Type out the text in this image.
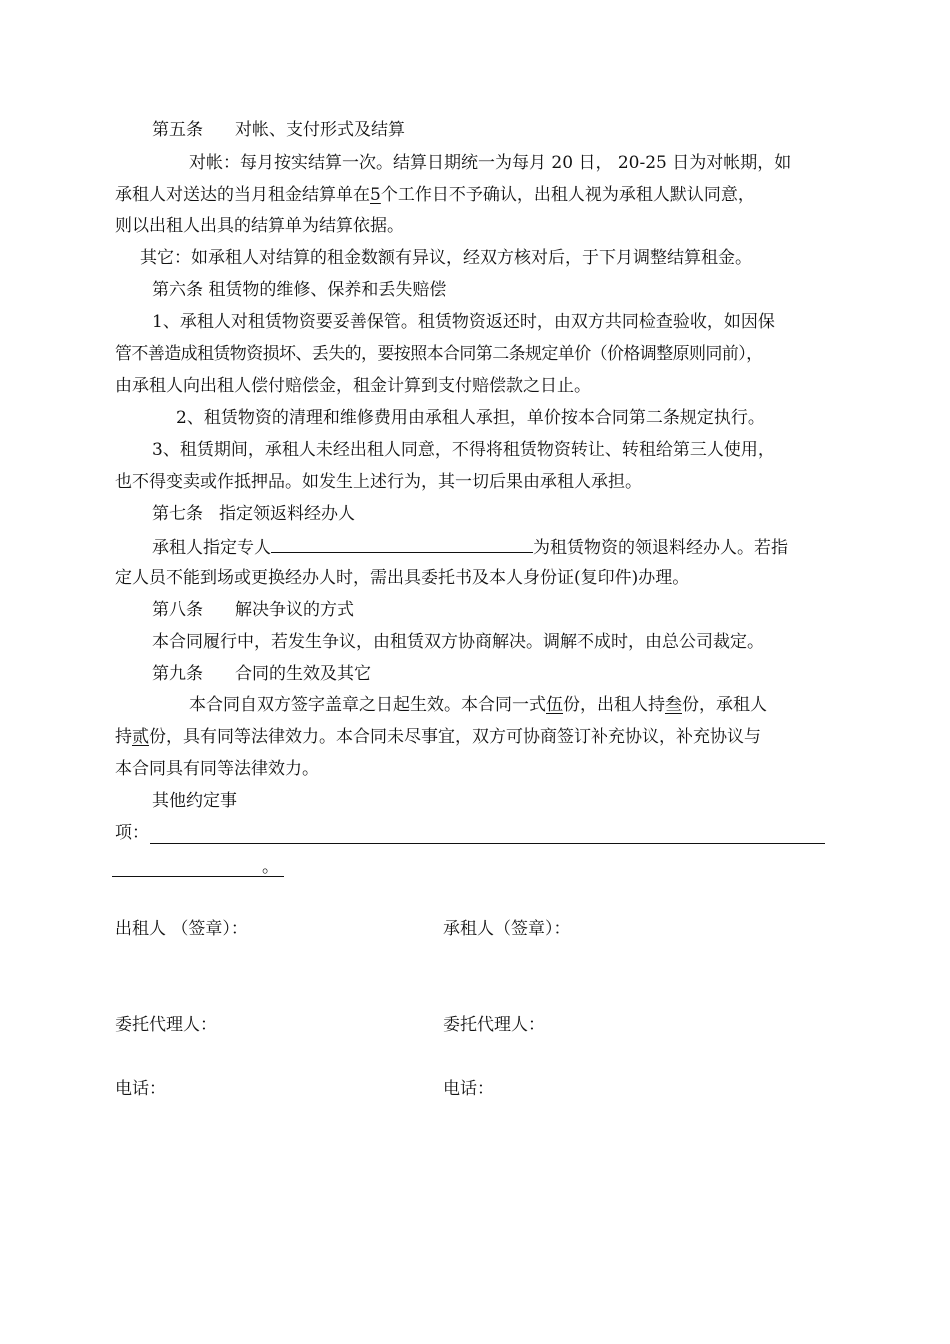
第五条 对帐、支付形式及结算
对帐：每月按实结算一次。结算日期统一为每月 20 日， 20-25 日为对帐期，如
承租人对送达的当月租金结算单在5个工作日不予确认，出租人视为承租人默认同意，
则以出租人出具的结算单为结算依据。
其它：如承租人对结算的租金数额有异议，经双方核对后，于下月调整结算租金。
第六条 租赁物的维修、保养和丢失赔偿
1、承租人对租赁物资要妥善保管。租赁物资返还时，由双方共同检查验收，如因保
管不善造成租赁物资损坏、丢失的，要按照本合同第二条规定单价（价格调整原则同前），
由承租人向出租人偿付赔偿金，租金计算到支付赔偿款之日止。
2、租赁物资的清理和维修费用由承租人承担，单价按本合同第二条规定执行。
3、租赁期间，承租人未经出租人同意，不得将租赁物资转让、转租给第三人使用，
也不得变卖或作抵押品。如发生上述行为，其一切后果由承租人承担。
第七条 指定领返料经办人
承租人指定专人	为租赁物资的领退料经办人。若指
定人员不能到场或更换经办人时，需出具委托书及本人身份证(复印件)办理。
第八条 解决争议的方式
本合同履行中，若发生争议，由租赁双方协商解决。调解不成时，由总公司裁定。
第九条 合同的生效及其它
本合同自双方签字盖章之日起生效。本合同一式伍份，出租人持叁份，承租人
持贰份，具有同等法律效力。本合同未尽事宜，双方可协商签订补充协议，补充协议与
本合同具有同等法律效力。
其他约定事
项：
。
出租人 （签章）：	承租人（签章）：
委托代理人：	委托代理人：
电话：	电话：
